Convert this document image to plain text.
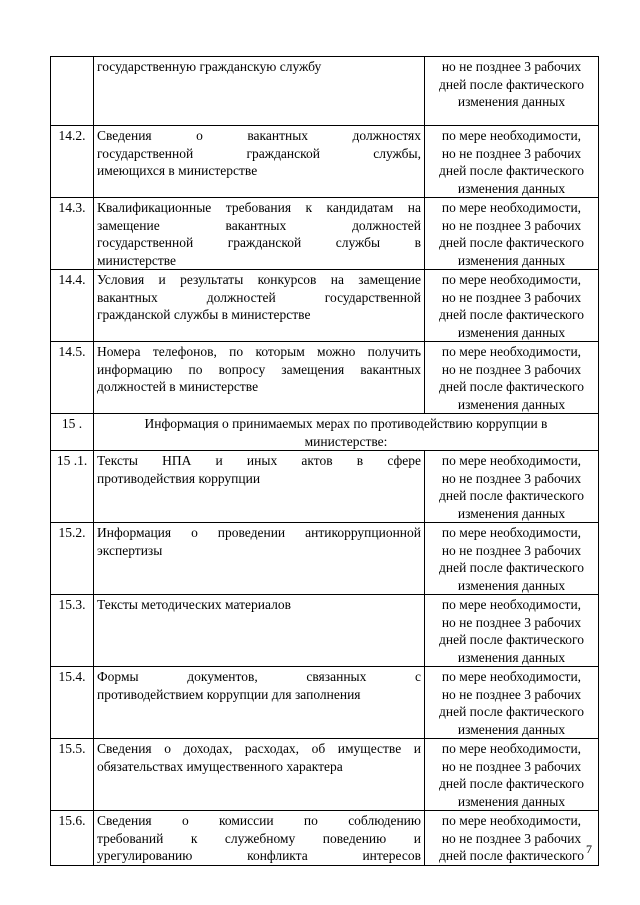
	государственную гражданскую службу	но не позднее 3 рабочих
дней после фактического
изменения данных

14.2.	Сведения о вакантных должностях
государственной гражданской службы,
имеющихся в министерстве	по мере необходимости,
но не позднее 3 рабочих
дней после фактического
изменения данных

14.3.	Квалификационные требования к кандидатам на
замещение вакантных должностей
государственной гражданской службы в
министерстве	по мере необходимости,
но не позднее 3 рабочих
дней после фактического
изменения данных

14.4.	Условия и результаты конкурсов на замещение
вакантных должностей государственной
гражданской службы в министерстве	по мере необходимости,
но не позднее 3 рабочих
дней после фактического
изменения данных

14.5.	Номера телефонов, по которым можно получить
информацию по вопросу замещения вакантных
должностей в министерстве	по мере необходимости,
но не позднее 3 рабочих
дней после фактического
изменения данных

15 .	Информация о принимаемых мерах по противодействию коррупции в
министерстве:	

15 .1.	Тексты НПА и иных актов в сфере
противодействия коррупции	по мере необходимости,
но не позднее 3 рабочих
дней после фактического
изменения данных

15.2.	Информация о проведении антикоррупционной
экспертизы	по мере необходимости,
но не позднее 3 рабочих
дней после фактического
изменения данных

15.3.	Тексты методических материалов	по мере необходимости,
но не позднее 3 рабочих
дней после фактического
изменения данных

15.4.	Формы документов, связанных с
противодействием коррупции для заполнения	по мере необходимости,
но не позднее 3 рабочих
дней после фактического
изменения данных

15.5.	Сведения о доходах, расходах, об имуществе и
обязательствах имущественного характера	по мере необходимости,
но не позднее 3 рабочих
дней после фактического
изменения данных

15.6.	Сведения о комиссии по соблюдению
требований к служебному поведению и
урегулированию конфликта интересов	по мере необходимости,
но не позднее 3 рабочих
дней после фактического 7
